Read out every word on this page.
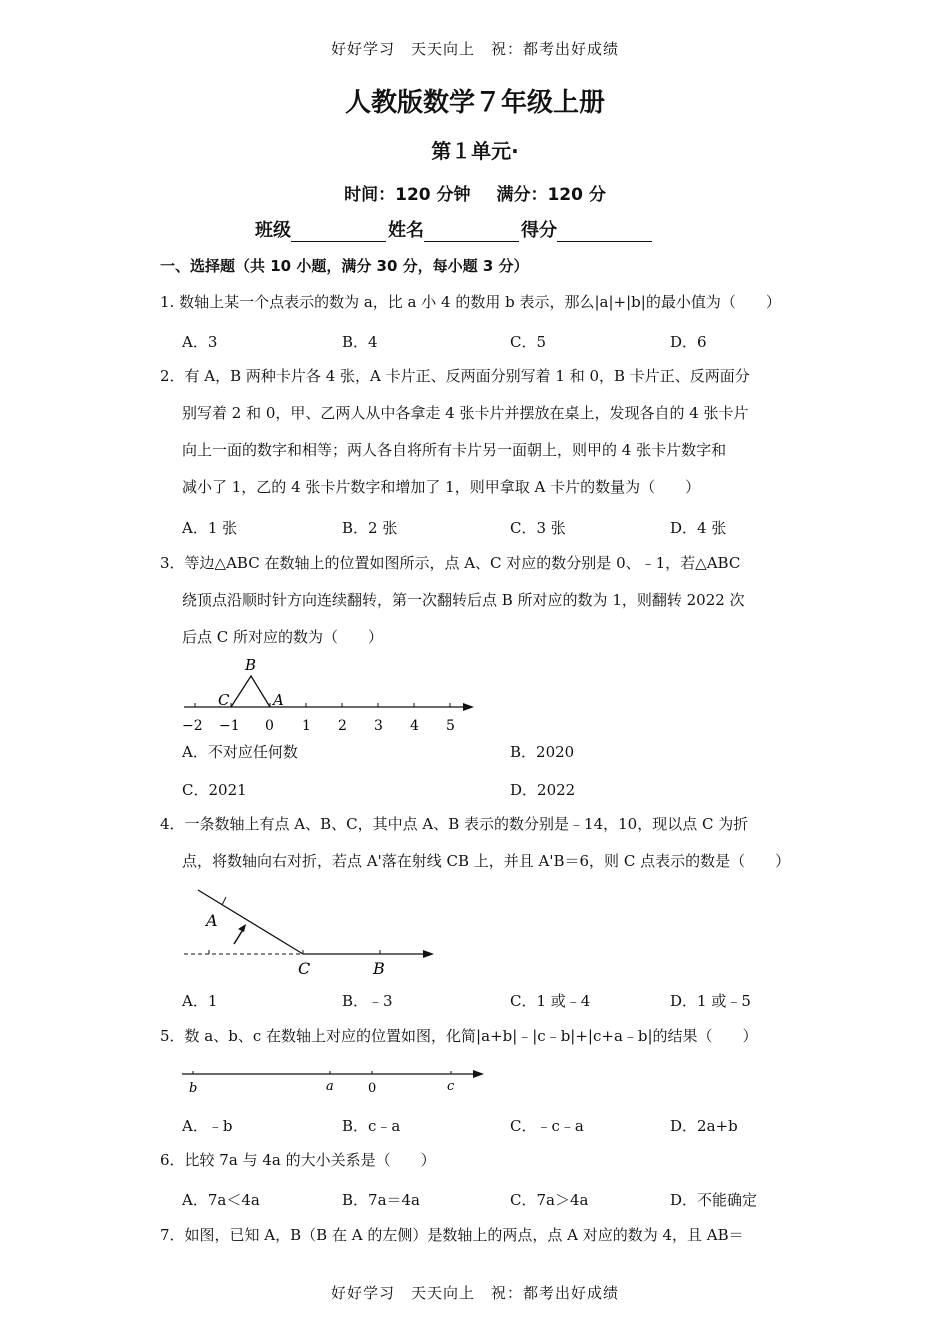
好好学习　天天向上　祝：都考出好成绩
人教版数学７年级上册
第１单元·
时间：120 分钟 满分：120 分
班级	姓名	得分
一、选择题（共 10 小题，满分 30 分，每小题 3 分）

1. 数轴上某一个点表示的数为 a，比 a 小 4 的数用 b 表示，那么|a|+|b|的最小值为（　　）

A．3	B．4	C．5	D．6

2．有 A，B 两种卡片各 4 张，A 卡片正、反两面分别写着 1 和 0，B 卡片正、反两面分

别写着 2 和 0，甲、乙两人从中各拿走 4 张卡片并摆放在桌上，发现各自的 4 张卡片

向上一面的数字和相等；两人各自将所有卡片另一面朝上，则甲的 4 张卡片数字和

减小了 1，乙的 4 张卡片数字和增加了 1，则甲拿取 A 卡片的数量为（　　）

A．1 张	B．2 张	C．3 张	D．4 张

3．等边△ABC 在数轴上的位置如图所示，点 A、C 对应的数分别是 0、﹣1，若△ABC

绕顶点沿顺时针方向连续翻转，第一次翻转后点 B 所对应的数为 1，则翻转 2022 次

后点 C 所对应的数为（　　）

B
C	A
−2 −1 0 1 2 3 4 5
A．不对应任何数	B．2020
C．2021	D．2022

4．一条数轴上有点 A、B、C，其中点 A、B 表示的数分别是﹣14，10，现以点 C 为折

点，将数轴向右对折，若点 A'落在射线 CB 上，并且 A'B＝6，则 C 点表示的数是（　　）

A
C	B
A．1	B．﹣3	C．1 或﹣4	D．1 或﹣5

5．数 a、b、c 在数轴上对应的位置如图，化简|a+b|﹣|c﹣b|+|c+a﹣b|的结果（　　）

b	a	0	c
A．﹣b	B．c﹣a	C．﹣c﹣a	D．2a+b

6．比较 7a 与 4a 的大小关系是（　　）

A．7a＜4a	B．7a＝4a	C．7a＞4a	D．不能确定

7．如图，已知 A，B（B 在 A 的左侧）是数轴上的两点，点 A 对应的数为 4，且 AB＝

好好学习　天天向上　祝：都考出好成绩
